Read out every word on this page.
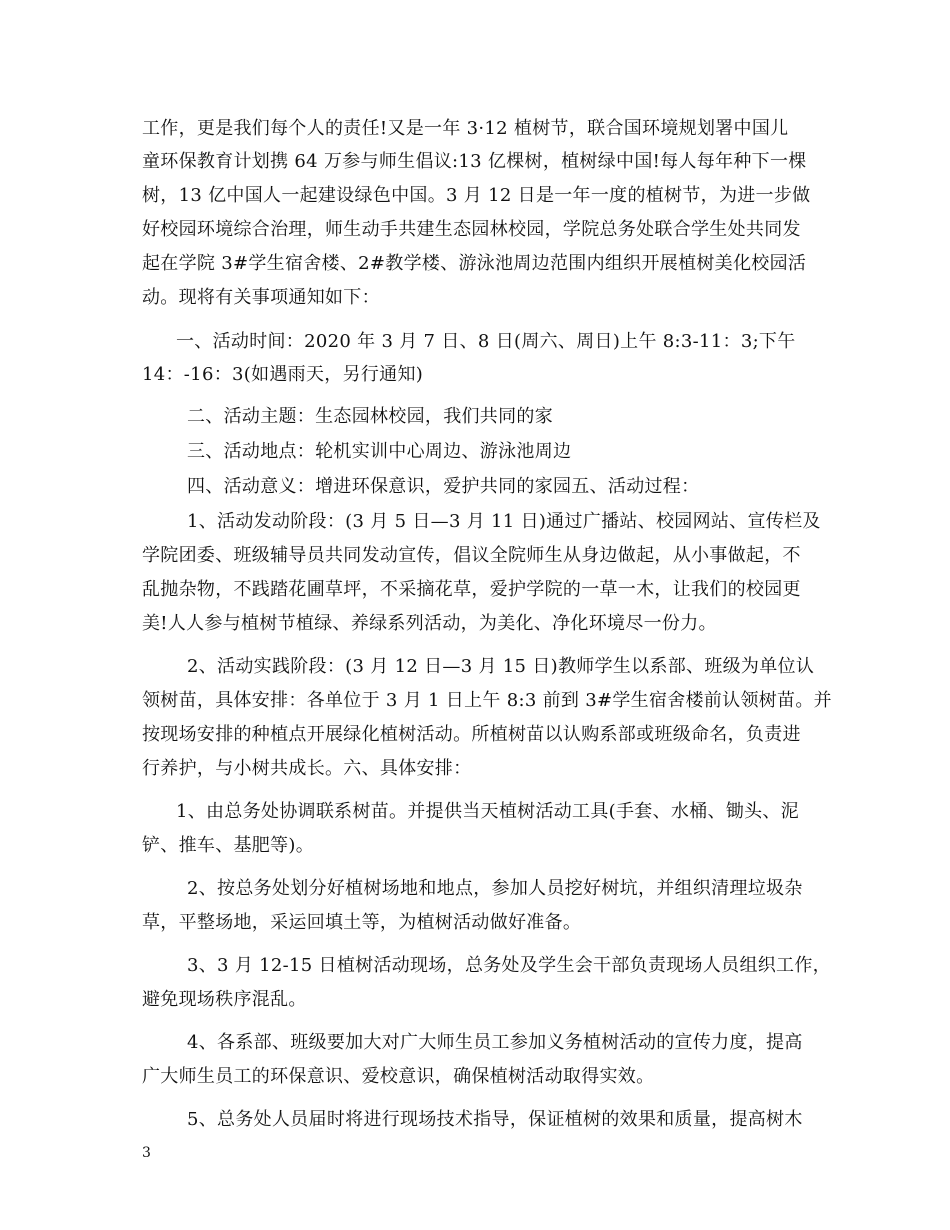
工作，更是我们每个人的责任!又是一年 3·12 植树节，联合国环境规划署中国儿
童环保教育计划携 64 万参与师生倡议:13 亿棵树，植树绿中国!每人每年种下一棵
树，13 亿中国人一起建设绿色中国。3 月 12 日是一年一度的植树节，为进一步做
好校园环境综合治理，师生动手共建生态园林校园，学院总务处联合学生处共同发
起在学院 3#学生宿舍楼、2#教学楼、游泳池周边范围内组织开展植树美化校园活
动。现将有关事项通知如下：
一、活动时间：2020 年 3 月 7 日、8 日(周六、周日)上午 8:3-11：3;下午
14：-16：3(如遇雨天，另行通知)
二、活动主题：生态园林校园，我们共同的家
三、活动地点：轮机实训中心周边、游泳池周边
四、活动意义：增进环保意识，爱护共同的家园五、活动过程：
1、活动发动阶段：(3 月 5 日—3 月 11 日)通过广播站、校园网站、宣传栏及
学院团委、班级辅导员共同发动宣传，倡议全院师生从身边做起，从小事做起，不
乱抛杂物，不践踏花圃草坪，不采摘花草，爱护学院的一草一木，让我们的校园更
美!人人参与植树节植绿、养绿系列活动，为美化、净化环境尽一份力。
2、活动实践阶段：(3 月 12 日—3 月 15 日)教师学生以系部、班级为单位认
领树苗，具体安排：各单位于 3 月 1 日上午 8:3 前到 3#学生宿舍楼前认领树苗。并
按现场安排的种植点开展绿化植树活动。所植树苗以认购系部或班级命名，负责进
行养护，与小树共成长。六、具体安排：
1、由总务处协调联系树苗。并提供当天植树活动工具(手套、水桶、锄头、泥
铲、推车、基肥等)。
2、按总务处划分好植树场地和地点，参加人员挖好树坑，并组织清理垃圾杂
草，平整场地，采运回填土等，为植树活动做好准备。
3、3 月 12-15 日植树活动现场，总务处及学生会干部负责现场人员组织工作，
避免现场秩序混乱。
4、各系部、班级要加大对广大师生员工参加义务植树活动的宣传力度，提高
广大师生员工的环保意识、爱校意识，确保植树活动取得实效。
5、总务处人员届时将进行现场技术指导，保证植树的效果和质量，提高树木
3
